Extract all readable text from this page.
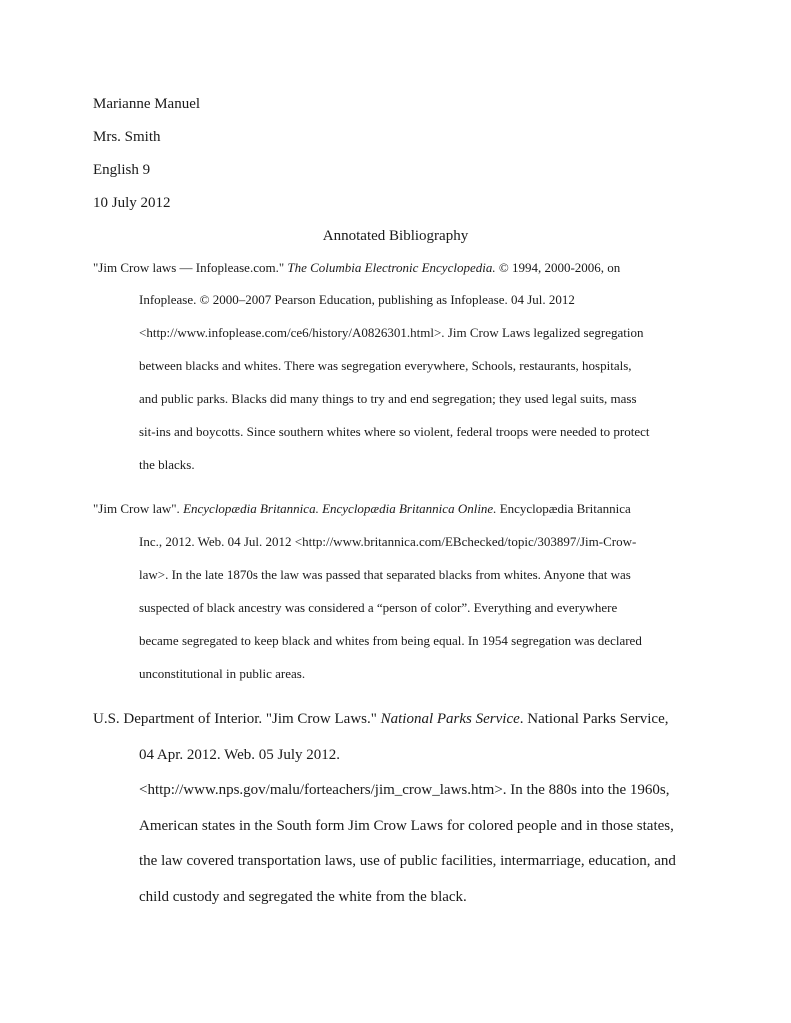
Marianne Manuel
Mrs. Smith
English 9
10 July 2012
Annotated Bibliography
"Jim Crow laws — Infoplease.com." The Columbia Electronic Encyclopedia. © 1994, 2000-2006, on
Infoplease. © 2000–2007 Pearson Education, publishing as Infoplease. 04 Jul. 2012
<http://www.infoplease.com/ce6/history/A0826301.html>. Jim Crow Laws legalized segregation
between blacks and whites. There was segregation everywhere, Schools, restaurants, hospitals,
and public parks. Blacks did many things to try and end segregation; they used legal suits, mass
sit-ins and boycotts. Since southern whites where so violent, federal troops were needed to protect
the blacks.
"Jim Crow law". Encyclopædia Britannica. Encyclopædia Britannica Online. Encyclopædia Britannica
Inc., 2012. Web. 04 Jul. 2012 <http://www.britannica.com/EBchecked/topic/303897/Jim-Crow-
law>. In the late 1870s the law was passed that separated blacks from whites. Anyone that was
suspected of black ancestry was considered a “person of color”. Everything and everywhere
became segregated to keep black and whites from being equal. In 1954 segregation was declared
unconstitutional in public areas.
U.S. Department of Interior. "Jim Crow Laws." National Parks Service. National Parks Service,
04 Apr. 2012. Web. 05 July 2012.
<http://www.nps.gov/malu/forteachers/jim_crow_laws.htm>. In the 880s into the 1960s,
American states in the South form Jim Crow Laws for colored people and in those states,
the law covered transportation laws, use of public facilities, intermarriage, education, and
child custody and segregated the white from the black.
